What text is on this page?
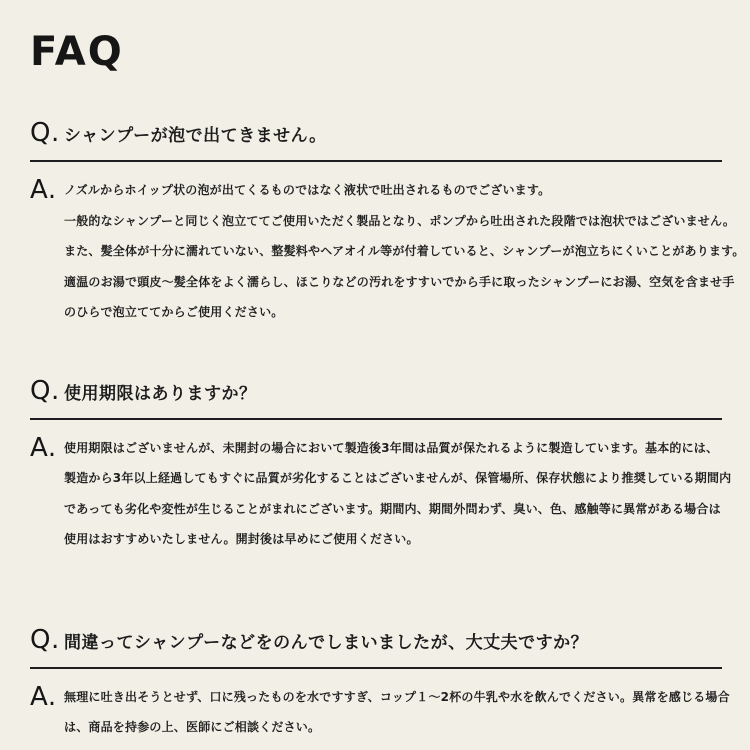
FAQ
Q. シャンプーが泡で出てきません。
A. ノズルからホイップ状の泡が出てくるものではなく液状で吐出されるものでございます。
一般的なシャンプーと同じく泡立ててご使用いただく製品となり、ポンプから吐出された段階では泡状ではございません。
また、髪全体が十分に濡れていない、整髪料やヘアオイル等が付着していると、シャンプーが泡立ちにくいことがあります。
適温のお湯で頭皮〜髪全体をよく濡らし、ほこりなどの汚れをすすいでから手に取ったシャンプーにお湯、空気を含ませ手
のひらで泡立ててからご使用ください。
Q. 使用期限はありますか？
A. 使用期限はございませんが、未開封の場合において製造後3年間は品質が保たれるように製造しています。基本的には、
製造から3年以上経過してもすぐに品質が劣化することはございませんが、保管場所、保存状態により推奨している期間内
であっても劣化や変性が生じることがまれにございます。期間内、期間外問わず、臭い、色、感触等に異常がある場合は
使用はおすすめいたしません。開封後は早めにご使用ください。
Q. 間違ってシャンプーなどをのんでしまいましたが、大丈夫ですか？
A. 無理に吐き出そうとせず、口に残ったものを水ですすぎ、コップ１〜2杯の牛乳や水を飲んでください。異常を感じる場合
は、商品を持参の上、医師にご相談ください。
